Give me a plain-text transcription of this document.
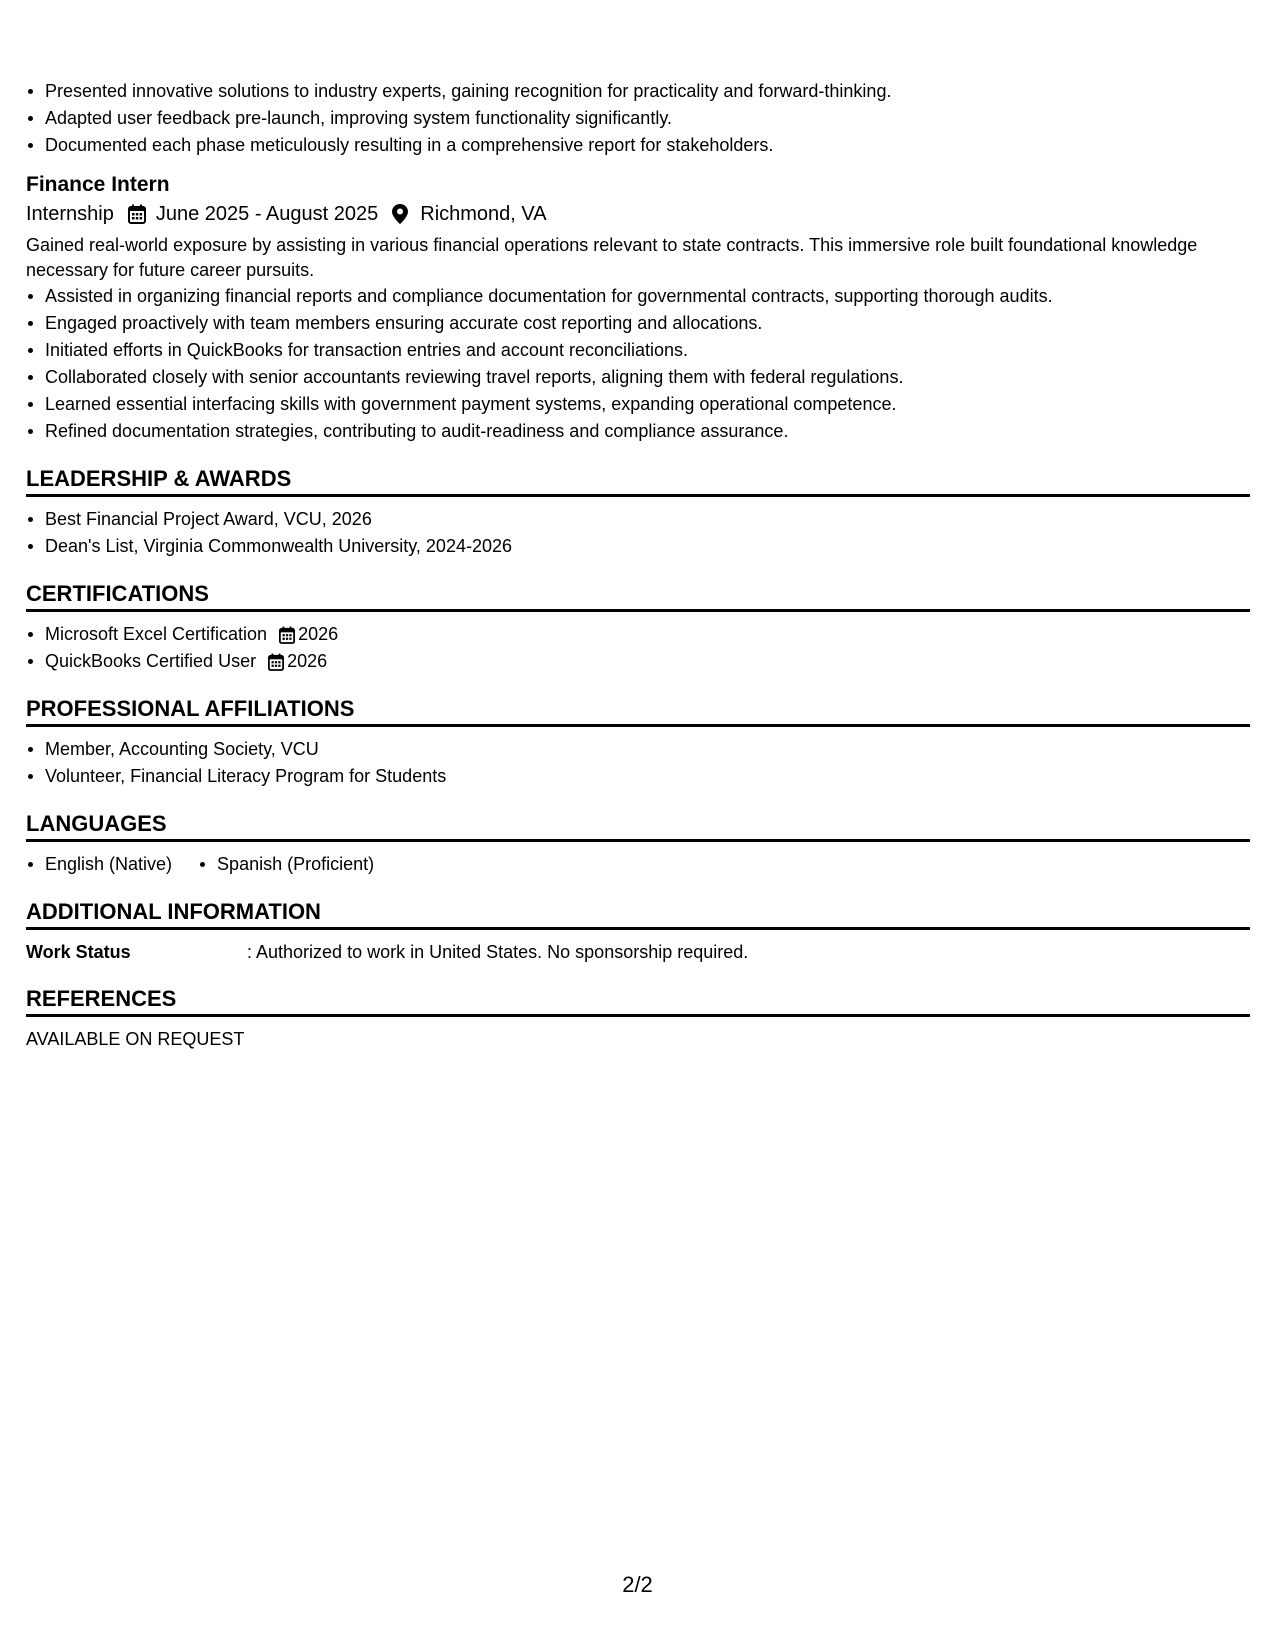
Presented innovative solutions to industry experts, gaining recognition for practicality and forward-thinking.
Adapted user feedback pre-launch, improving system functionality significantly.
Documented each phase meticulously resulting in a comprehensive report for stakeholders.
Finance Intern
Internship June 2025 - August 2025 Richmond, VA
Gained real-world exposure by assisting in various financial operations relevant to state contracts. This immersive role built foundational knowledge necessary for future career pursuits.
Assisted in organizing financial reports and compliance documentation for governmental contracts, supporting thorough audits.
Engaged proactively with team members ensuring accurate cost reporting and allocations.
Initiated efforts in QuickBooks for transaction entries and account reconciliations.
Collaborated closely with senior accountants reviewing travel reports, aligning them with federal regulations.
Learned essential interfacing skills with government payment systems, expanding operational competence.
Refined documentation strategies, contributing to audit-readiness and compliance assurance.
LEADERSHIP & AWARDS
Best Financial Project Award, VCU, 2026
Dean's List, Virginia Commonwealth University, 2024-2026
CERTIFICATIONS
Microsoft Excel Certification 2026
QuickBooks Certified User 2026
PROFESSIONAL AFFILIATIONS
Member, Accounting Society, VCU
Volunteer, Financial Literacy Program for Students
LANGUAGES
English (Native)	Spanish (Proficient)
ADDITIONAL INFORMATION
Work Status	: Authorized to work in United States. No sponsorship required.
REFERENCES
AVAILABLE ON REQUEST
2/2
